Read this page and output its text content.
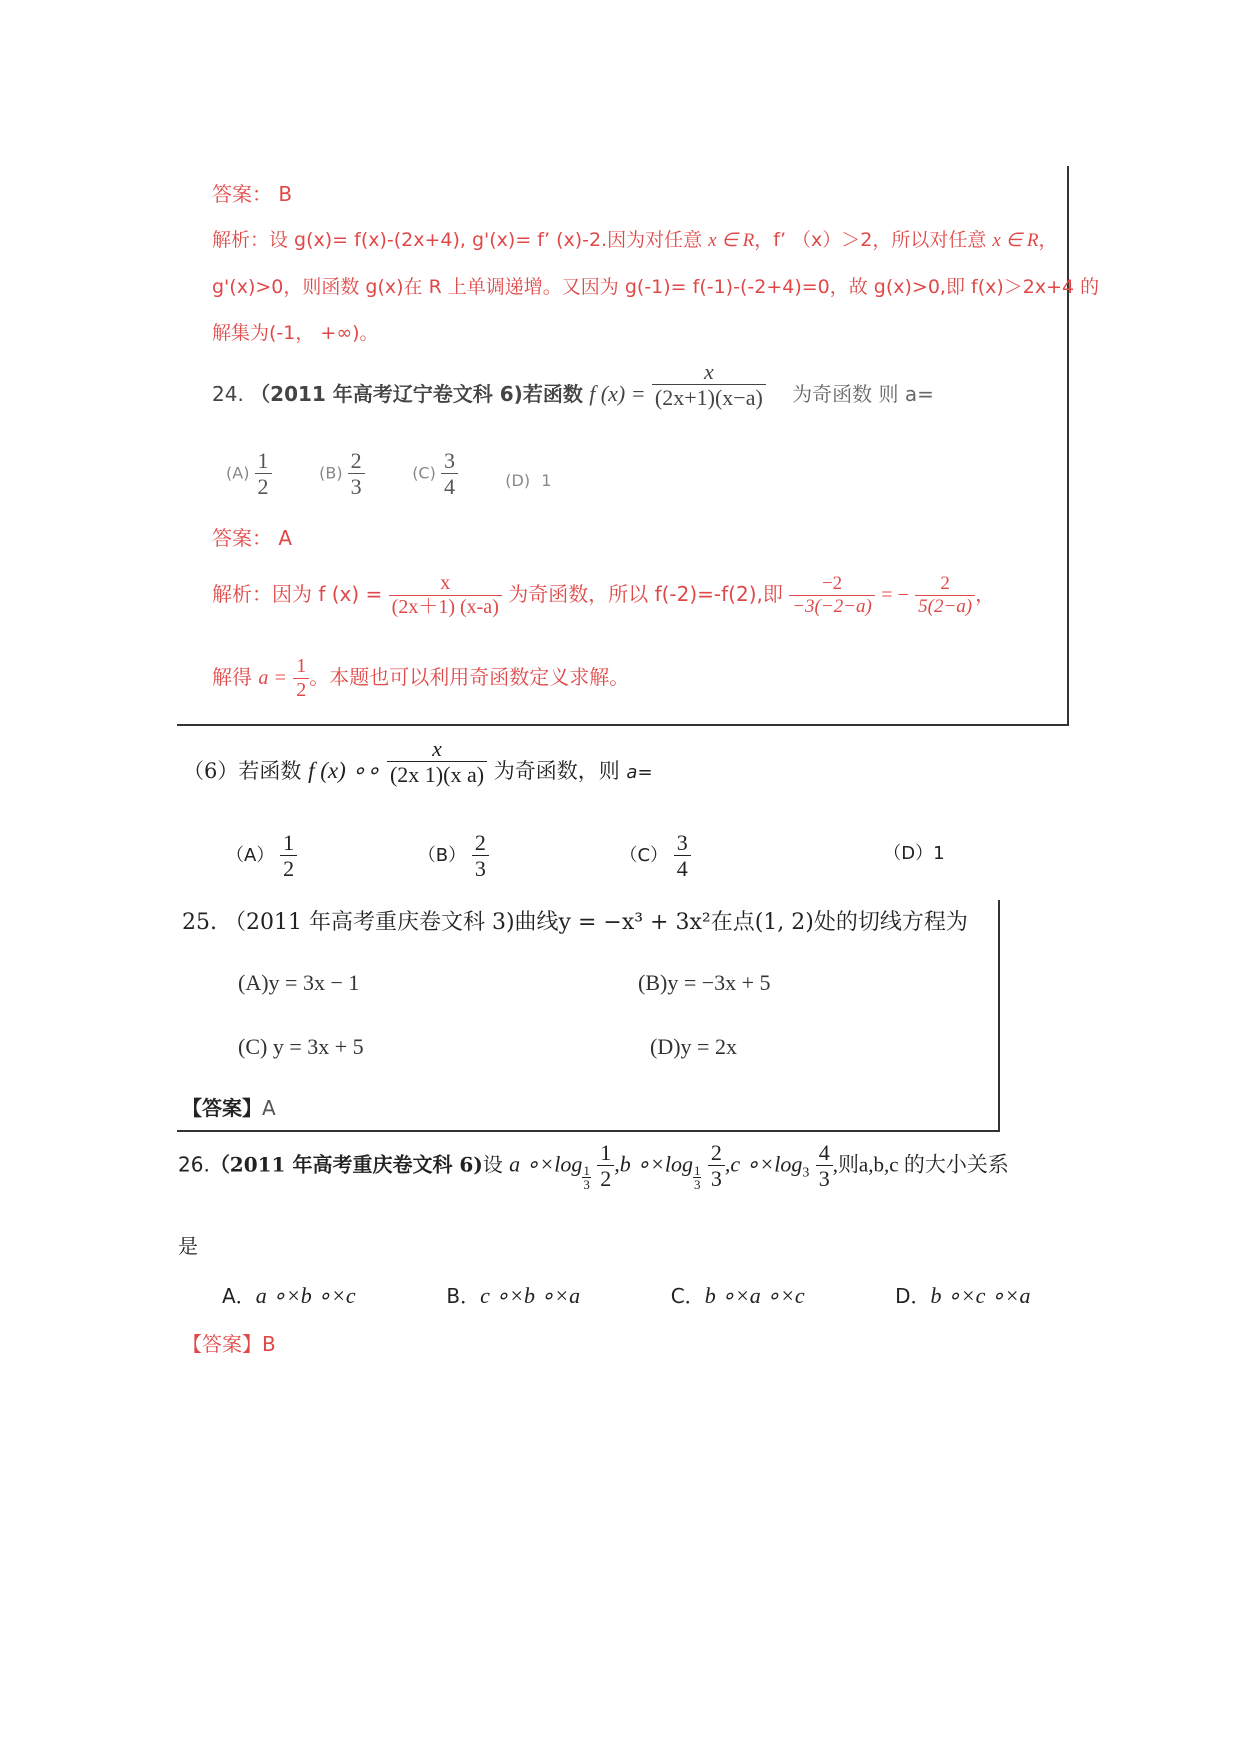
答案： B
解析：设 g(x)= f(x)-(2x+4), g'(x)= f’ (x)-2.因为对任意 x ∈ R，f’ （x）＞2，所以对任意 x ∈ R，
g'(x)>0，则函数 g(x)在 R 上单调递增。又因为 g(-1)= f(-1)-(-2+4)=0，故 g(x)>0,即 f(x)＞2x+4 的
解集为(-1， +∞)。
24. （2011 年高考辽宁卷文科 6)若函数 f $(x) = \frac{x}{(2x+1)(x-a)}$ 为奇函数 则 a=
$(A) \frac{1}{2}$	$(B) \frac{2}{3}$	$(C) \frac{3}{4}$	(D) 1
答案： A
解析：因为 f $(x) = \frac{x}{(2x+1) (x-a)}$ 为奇函数，所以 f(-2)=-f(2),即 $\frac{-2}{-3(-2-a)}$ = − $\frac{2}{5(2-a)}$ ，
解得 $a = \frac{1}{2}$ 。本题也可以利用奇函数定义求解。
（6）若函数 f (x) ∘∘ $\frac{x}{\text{(2x 1)(x a)}}$ 为奇函数，则 a=
$(A) \frac{1}{2}$	$(B) \frac{2}{3}$	$(C) \frac{3}{4}$	（D）1
25. （2011 年高考重庆卷文科 3)曲线y = −x³ + 3x²在点(1, 2)处的切线方程为
(A)y = 3x − 1	(B)y = −3x + 5
(C) y = 3x + 5	(D)y = 2x
【答案】A
26.（2011 年高考重庆卷文科 6)设 a ∘×log
$\frac{1}{3}$
$\frac{1}{2} ,b$ ∘×log
$\frac{1}{3}$
$\frac{2}{3} ,c$ $\circ\times\log_3 \frac{4}{3}$ ,则a,b,c 的大小关系
是
A．a ∘×b ∘×c	B．c ∘×b ∘×a	C．b ∘×a ∘×c	D．b ∘×c ∘×a
【答案】B
